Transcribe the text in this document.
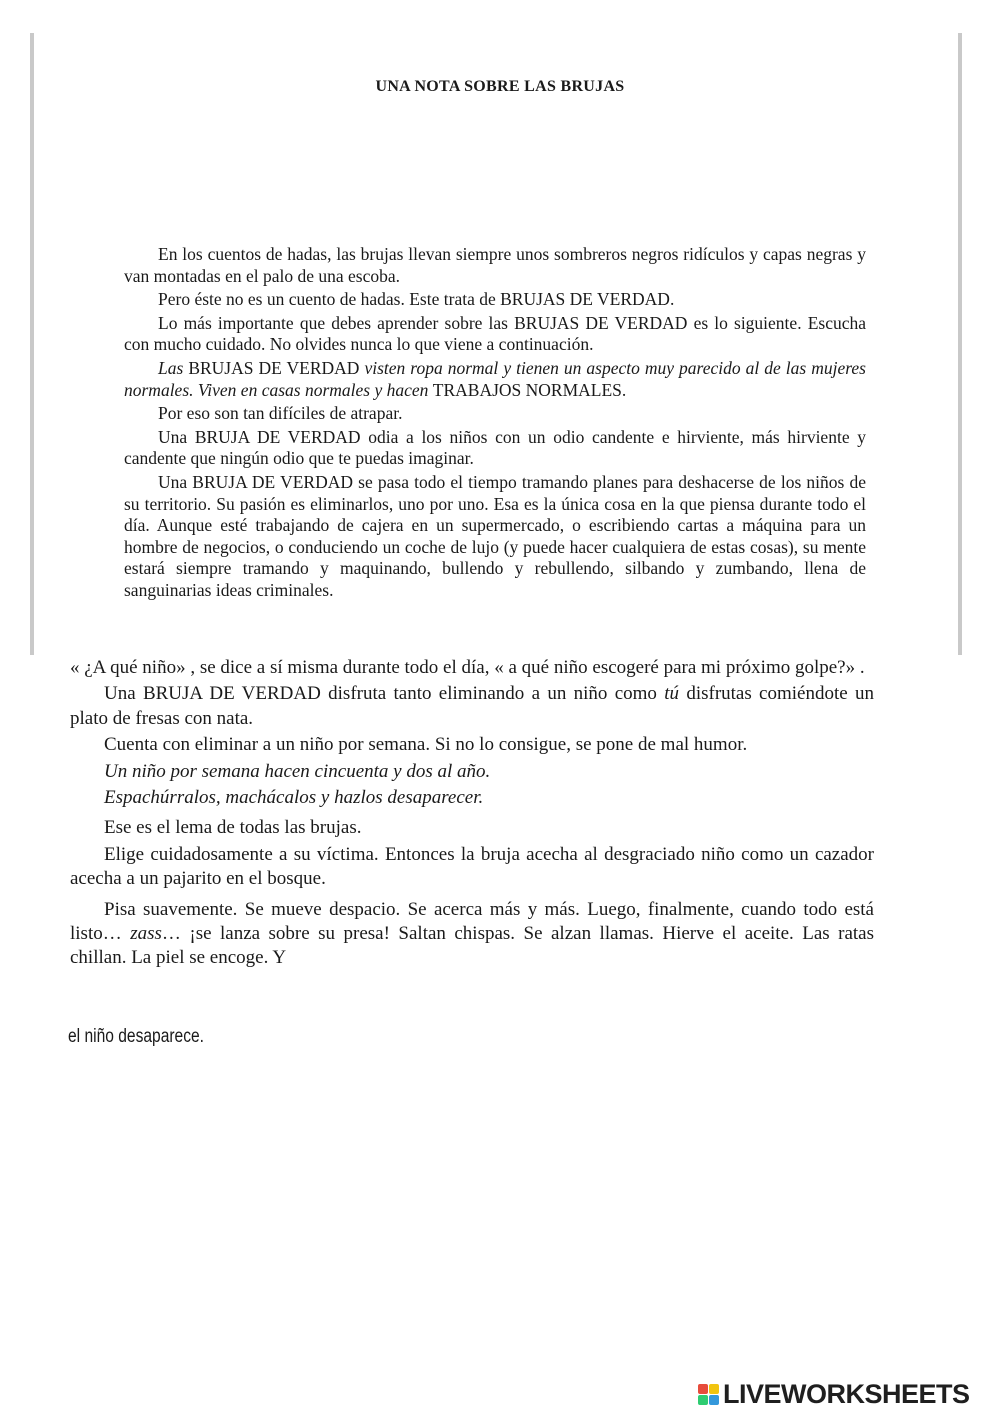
UNA NOTA SOBRE LAS BRUJAS

En los cuentos de hadas, las brujas llevan siempre unos sombreros negros ridículos y capas negras y van montadas en el palo de una escoba.

Pero éste no es un cuento de hadas. Este trata de BRUJAS DE VERDAD.

Lo más importante que debes aprender sobre las BRUJAS DE VERDAD es lo siguiente. Escucha con mucho cuidado. No olvides nunca lo que viene a continuación.

Las BRUJAS DE VERDAD visten ropa normal y tienen un aspecto muy parecido al de las mujeres normales. Viven en casas normales y hacen TRABAJOS NORMALES.

Por eso son tan difíciles de atrapar.

Una BRUJA DE VERDAD odia a los niños con un odio candente e hirviente, más hirviente y candente que ningún odio que te puedas imaginar.

Una BRUJA DE VERDAD se pasa todo el tiempo tramando planes para deshacerse de los niños de su territorio. Su pasión es eliminarlos, uno por uno. Esa es la única cosa en la que piensa durante todo el día. Aunque esté trabajando de cajera en un supermercado, o escribiendo cartas a máquina para un hombre de negocios, o conduciendo un coche de lujo (y puede hacer cualquiera de estas cosas), su mente estará siempre tramando y maquinando, bullendo y rebullendo, silbando y zumbando, llena de sanguinarias ideas criminales.

« ¿A qué niño» , se dice a sí misma durante todo el día, « a qué niño escogeré para mi próximo golpe?» .

Una BRUJA DE VERDAD disfruta tanto eliminando a un niño como tú disfrutas comiéndote un plato de fresas con nata.

Cuenta con eliminar a un niño por semana. Si no lo consigue, se pone de mal humor.

Un niño por semana hacen cincuenta y dos al año.

Espachúrralos, machácalos y hazlos desaparecer.

Ese es el lema de todas las brujas.

Elige cuidadosamente a su víctima. Entonces la bruja acecha al desgraciado niño como un cazador acecha a un pajarito en el bosque.

Pisa suavemente. Se mueve despacio. Se acerca más y más. Luego, finalmente, cuando todo está listo… zass… ¡se lanza sobre su presa! Saltan chispas. Se alzan llamas. Hierve el aceite. Las ratas chillan. La piel se encoge. Y

el niño desaparece.
LIVEWORKSHEETS
